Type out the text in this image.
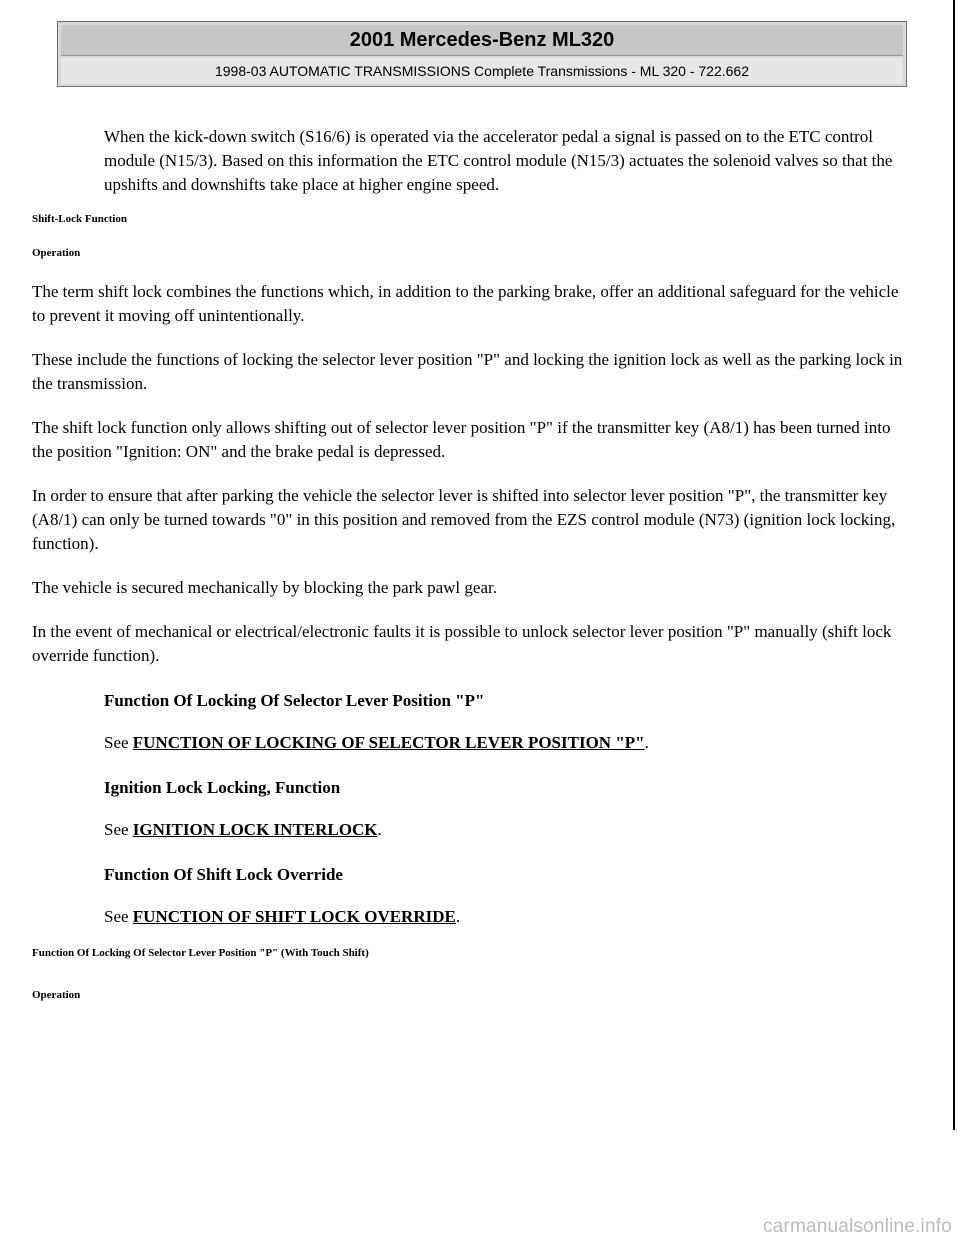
2001 Mercedes-Benz ML320
1998-03 AUTOMATIC TRANSMISSIONS Complete Transmissions - ML 320 - 722.662

When the kick-down switch (S16/6) is operated via the accelerator pedal a signal is passed on to the ETC control module (N15/3). Based on this information the ETC control module (N15/3) actuates the solenoid valves so that the upshifts and downshifts take place at higher engine speed.

Shift-Lock Function

Operation

The term shift lock combines the functions which, in addition to the parking brake, offer an additional safeguard for the vehicle to prevent it moving off unintentionally.

These include the functions of locking the selector lever position "P" and locking the ignition lock as well as the parking lock in the transmission.

The shift lock function only allows shifting out of selector lever position "P" if the transmitter key (A8/1) has been turned into the position "Ignition: ON" and the brake pedal is depressed.

In order to ensure that after parking the vehicle the selector lever is shifted into selector lever position "P", the transmitter key (A8/1) can only be turned towards "0" in this position and removed from the EZS control module (N73) (ignition lock locking, function).

The vehicle is secured mechanically by blocking the park pawl gear.

In the event of mechanical or electrical/electronic faults it is possible to unlock selector lever position "P" manually (shift lock override function).

Function Of Locking Of Selector Lever Position "P"

See FUNCTION OF LOCKING OF SELECTOR LEVER POSITION "P".

Ignition Lock Locking, Function

See IGNITION LOCK INTERLOCK.

Function Of Shift Lock Override

See FUNCTION OF SHIFT LOCK OVERRIDE.

Function Of Locking Of Selector Lever Position "P" (With Touch Shift)

Operation

carmanualsonline.info
